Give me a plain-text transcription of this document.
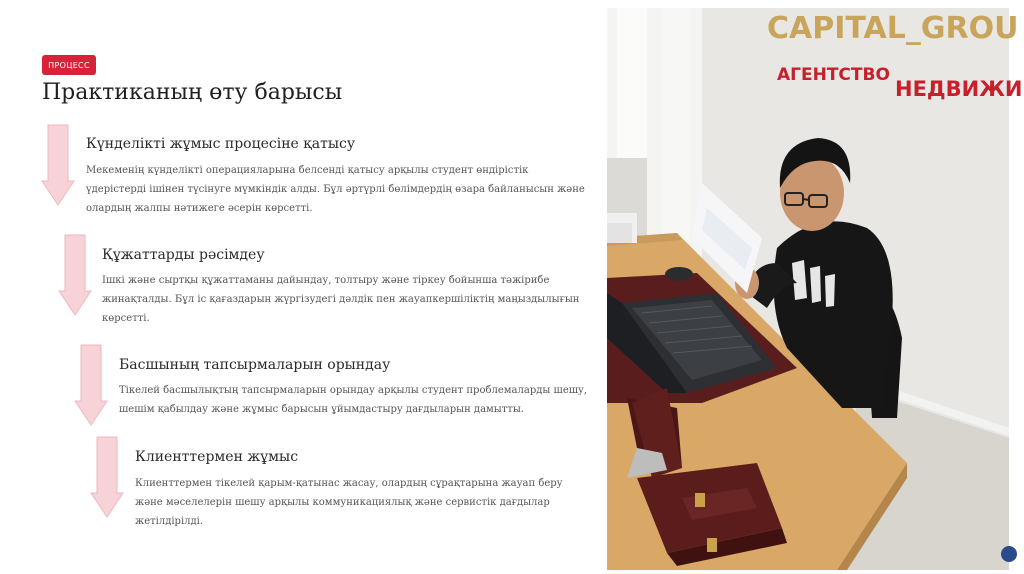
ПРОЦЕСС
Практиканың өту барысы
Күнделікті жұмыс процесіне қатысу

Мекеменің күнделікті операцияларына белсенді қатысу арқылы студент өндірістік үдерістерді ішінен түсінуге мүмкіндік алды. Бұл әртүрлі бөлімдердің өзара байланысын және олардың жалпы нәтижеге әсерін көрсетті.

Құжаттарды рәсімдеу

Ішкі және сыртқы құжаттаманы дайындау, толтыру және тіркеу бойынша тәжірибе жинақталды. Бұл іс қағаздарын жүргізудегі дәлдік пен жауапкершіліктің маңыздылығын көрсетті.

Басшының тапсырмаларын орындау

Тікелей басшылықтың тапсырмаларын орындау арқылы студент проблемаларды шешу, шешім қабылдау және жұмыс барысын ұйымдастыру дағдыларын дамытты.

Клиенттермен жұмыс

Клиенттермен тікелей қарым-қатынас жасау, олардың сұрақтарына жауап беру және мәселелерін шешу арқылы коммуникациялық және сервистік дағдылар жетілдірілді.

CAPITAL_GROU
АГЕНТСТВО
НЕДВИЖИ
